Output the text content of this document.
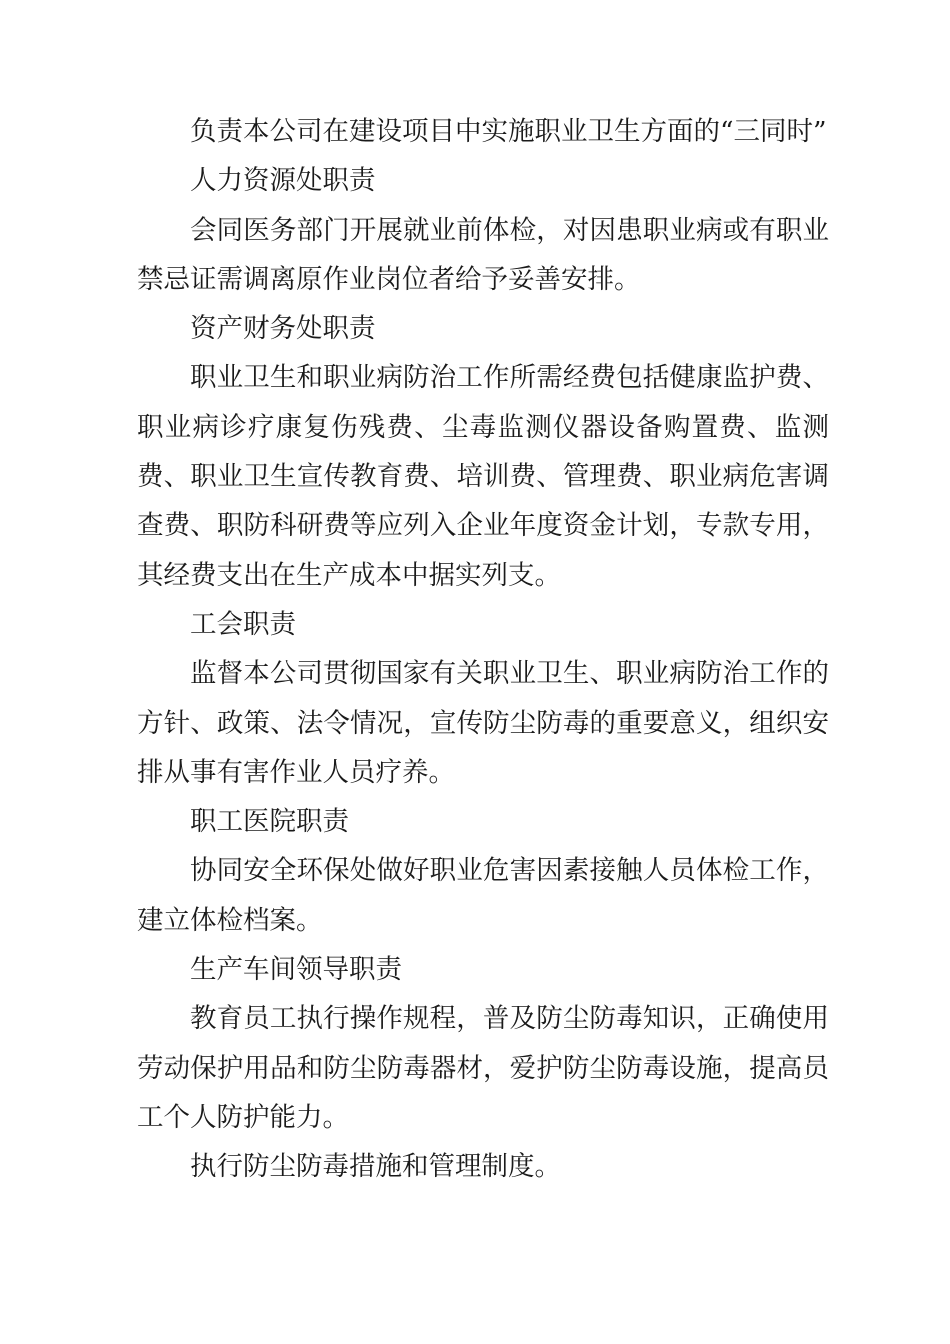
负责本公司在建设项目中实施职业卫生方面的“三同时”

人力资源处职责

会同医务部门开展就业前体检，对因患职业病或有职业禁忌证需调离原作业岗位者给予妥善安排。

资产财务处职责

职业卫生和职业病防治工作所需经费包括健康监护费、职业病诊疗康复伤残费、尘毒监测仪器设备购置费、监测费、职业卫生宣传教育费、培训费、管理费、职业病危害调查费、职防科研费等应列入企业年度资金计划，专款专用，其经费支出在生产成本中据实列支。

工会职责

监督本公司贯彻国家有关职业卫生、职业病防治工作的方针、政策、法令情况，宣传防尘防毒的重要意义，组织安排从事有害作业人员疗养。

职工医院职责

协同安全环保处做好职业危害因素接触人员体检工作，建立体检档案。

生产车间领导职责

教育员工执行操作规程，普及防尘防毒知识，正确使用劳动保护用品和防尘防毒器材，爱护防尘防毒设施，提高员工个人防护能力。

执行防尘防毒措施和管理制度。
